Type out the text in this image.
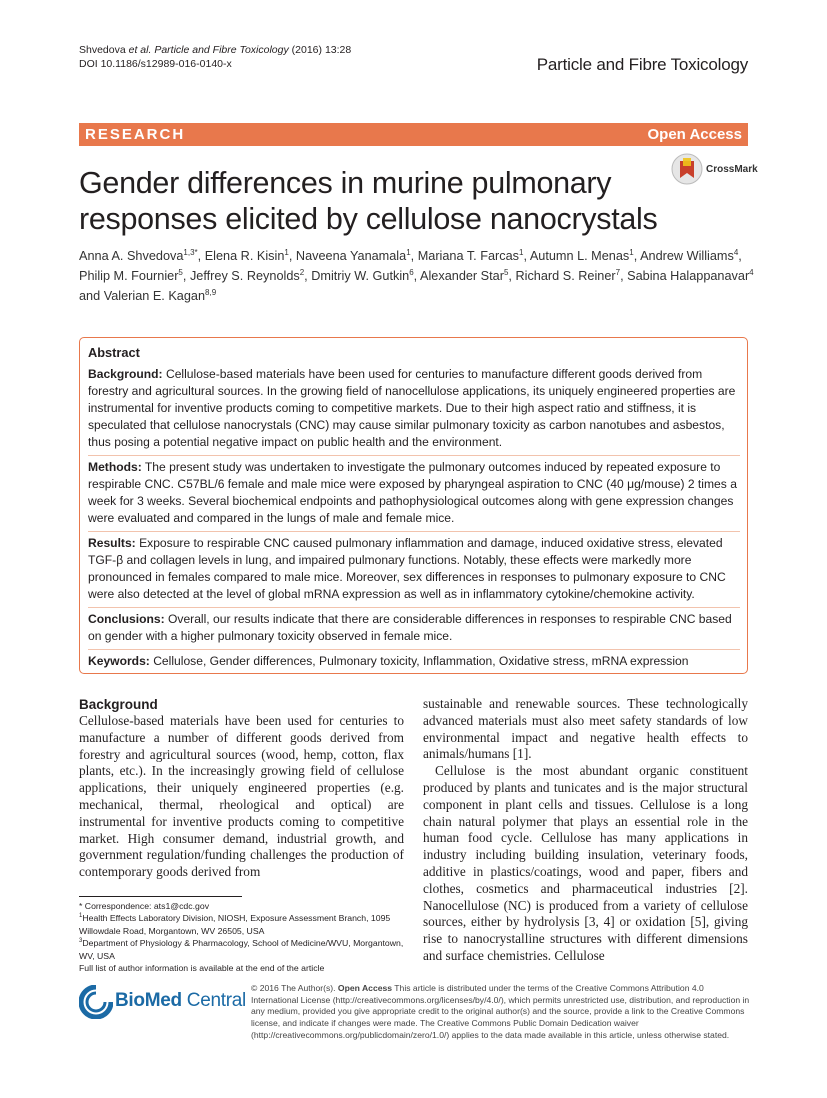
Shvedova et al. Particle and Fibre Toxicology (2016) 13:28
DOI 10.1186/s12989-016-0140-x	Particle and Fibre Toxicology
RESEARCH	Open Access
Gender differences in murine pulmonary responses elicited by cellulose nanocrystals
CrossMark
Anna A. Shvedova$^{1,3*}$, Elena R. Kisin$^1$, Naveena Yanamala$^1$, Mariana T. Farcas$^1$, Autumn L. Menas$^1$, Andrew Williams$^4$, Philip M. Fournier$^5$, Jeffrey S. Reynolds$^2$, Dmitriy W. Gutkin$^6$, Alexander Star$^5$, Richard S. Reiner$^7$, Sabina Halappanavar$^4$ and Valerian E. Kagan$^{8,9}$
Abstract
Background: Cellulose-based materials have been used for centuries to manufacture different goods derived from forestry and agricultural sources. In the growing field of nanocellulose applications, its uniquely engineered properties are instrumental for inventive products coming to competitive markets. Due to their high aspect ratio and stiffness, it is speculated that cellulose nanocrystals (CNC) may cause similar pulmonary toxicity as carbon nanotubes and asbestos, thus posing a potential negative impact on public health and the environment.
Methods: The present study was undertaken to investigate the pulmonary outcomes induced by repeated exposure to respirable CNC. C57BL/6 female and male mice were exposed by pharyngeal aspiration to CNC (40 μg/mouse) 2 times a week for 3 weeks. Several biochemical endpoints and pathophysiological outcomes along with gene expression changes were evaluated and compared in the lungs of male and female mice.
Results: Exposure to respirable CNC caused pulmonary inflammation and damage, induced oxidative stress, elevated TGF-β and collagen levels in lung, and impaired pulmonary functions. Notably, these effects were markedly more pronounced in females compared to male mice. Moreover, sex differences in responses to pulmonary exposure to CNC were also detected at the level of global mRNA expression as well as in inflammatory cytokine/chemokine activity.
Conclusions: Overall, our results indicate that there are considerable differences in responses to respirable CNC based on gender with a higher pulmonary toxicity observed in female mice.
Keywords: Cellulose, Gender differences, Pulmonary toxicity, Inflammation, Oxidative stress, mRNA expression
Background
Cellulose-based materials have been used for centuries to manufacture a number of different goods derived from forestry and agricultural sources (wood, hemp, cotton, flax plants, etc.). In the increasingly growing field of cellulose applications, their uniquely engineered properties (e.g. mechanical, thermal, rheological and optical) are instrumental for inventive products coming to competitive market. High consumer demand, industrial growth, and government regulation/funding challenges the production of contemporary goods derived from
sustainable and renewable sources. These technologically advanced materials must also meet safety standards of low environmental impact and negative health effects to animals/humans [1].
Cellulose is the most abundant organic constituent produced by plants and tunicates and is the major structural component in plant cells and tissues. Cellulose is a long chain natural polymer that plays an essential role in the human food cycle. Cellulose has many applications in industry including building insulation, veterinary foods, additive in plastics/coatings, wood and paper, fibers and clothes, cosmetics and pharmaceutical industries [2]. Nanocellulose (NC) is produced from a variety of cellulose sources, either by hydrolysis [3, 4] or oxidation [5], giving rise to nanocrystalline structures with different dimensions and surface chemistries. Cellulose
* Correspondence: ats1@cdc.gov
$^1$Health Effects Laboratory Division, NIOSH, Exposure Assessment Branch, 1095 Willowdale Road, Morgantown, WV 26505, USA
$^3$Department of Physiology & Pharmacology, School of Medicine/WVU, Morgantown, WV, USA
Full list of author information is available at the end of the article
BioMed Central
© 2016 The Author(s). Open Access This article is distributed under the terms of the Creative Commons Attribution 4.0 International License (http://creativecommons.org/licenses/by/4.0/), which permits unrestricted use, distribution, and reproduction in any medium, provided you give appropriate credit to the original author(s) and the source, provide a link to the Creative Commons license, and indicate if changes were made. The Creative Commons Public Domain Dedication waiver (http://creativecommons.org/publicdomain/zero/1.0/) applies to the data made available in this article, unless otherwise stated.
